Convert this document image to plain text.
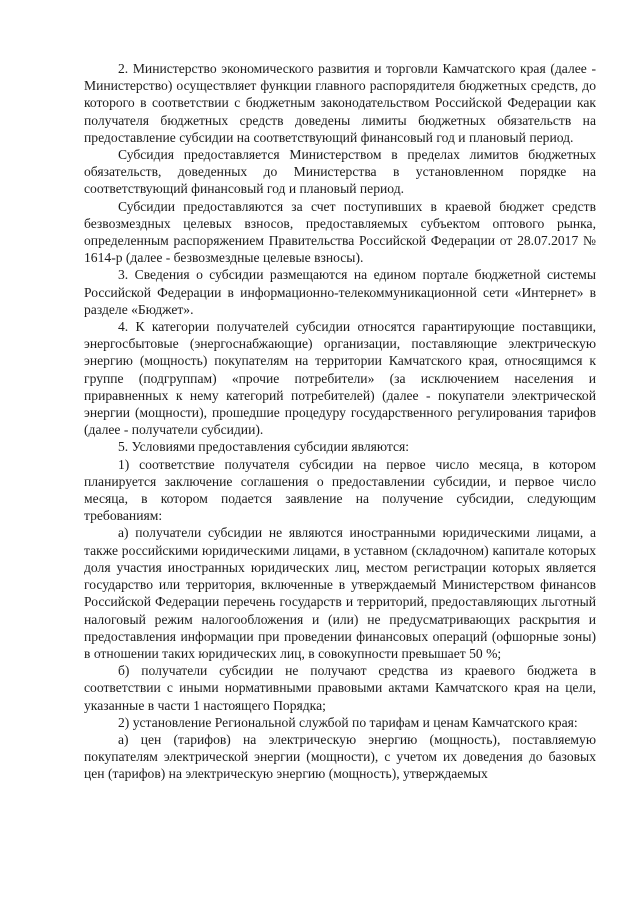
2. Министерство экономического развития и торговли Камчатского края (далее - Министерство) осуществляет функции главного распорядителя бюджетных средств, до которого в соответствии с бюджетным законодательством Российской Федерации как получателя бюджетных средств доведены лимиты бюджетных обязательств на предоставление субсидии на соответствующий финансовый год и плановый период.

Субсидия предоставляется Министерством в пределах лимитов бюджетных обязательств, доведенных до Министерства в установленном порядке на соответствующий финансовый год и плановый период.

Субсидии предоставляются за счет поступивших в краевой бюджет средств безвозмездных целевых взносов, предоставляемых субъектом оптового рынка, определенным распоряжением Правительства Российской Федерации от 28.07.2017 № 1614-р (далее - безвозмездные целевые взносы).

3. Сведения о субсидии размещаются на едином портале бюджетной системы Российской Федерации в информационно-телекоммуникационной сети «Интернет» в разделе «Бюджет».

4. К категории получателей субсидии относятся гарантирующие поставщики, энергосбытовые (энергоснабжающие) организации, поставляющие электрическую энергию (мощность) покупателям на территории Камчатского края, относящимся к группе (подгруппам) «прочие потребители» (за исключением населения и приравненных к нему категорий потребителей) (далее - покупатели электрической энергии (мощности), прошедшие процедуру государственного регулирования тарифов (далее - получатели субсидии).

5. Условиями предоставления субсидии являются:

1) соответствие получателя субсидии на первое число месяца, в котором планируется заключение соглашения о предоставлении субсидии, и первое число месяца, в котором подается заявление на получение субсидии, следующим требованиям:

а) получатели субсидии не являются иностранными юридическими лицами, а также российскими юридическими лицами, в уставном (складочном) капитале которых доля участия иностранных юридических лиц, местом регистрации которых является государство или территория, включенные в утверждаемый Министерством финансов Российской Федерации перечень государств и территорий, предоставляющих льготный налоговый режим налогообложения и (или) не предусматривающих раскрытия и предоставления информации при проведении финансовых операций (офшорные зоны) в отношении таких юридических лиц, в совокупности превышает 50 %;

б) получатели субсидии не получают средства из краевого бюджета в соответствии с иными нормативными правовыми актами Камчатского края на цели, указанные в части 1 настоящего Порядка;

2) установление Региональной службой по тарифам и ценам Камчатского края:

а) цен (тарифов) на электрическую энергию (мощность), поставляемую покупателям электрической энергии (мощности), с учетом их доведения до базовых цен (тарифов) на электрическую энергию (мощность), утверждаемых
